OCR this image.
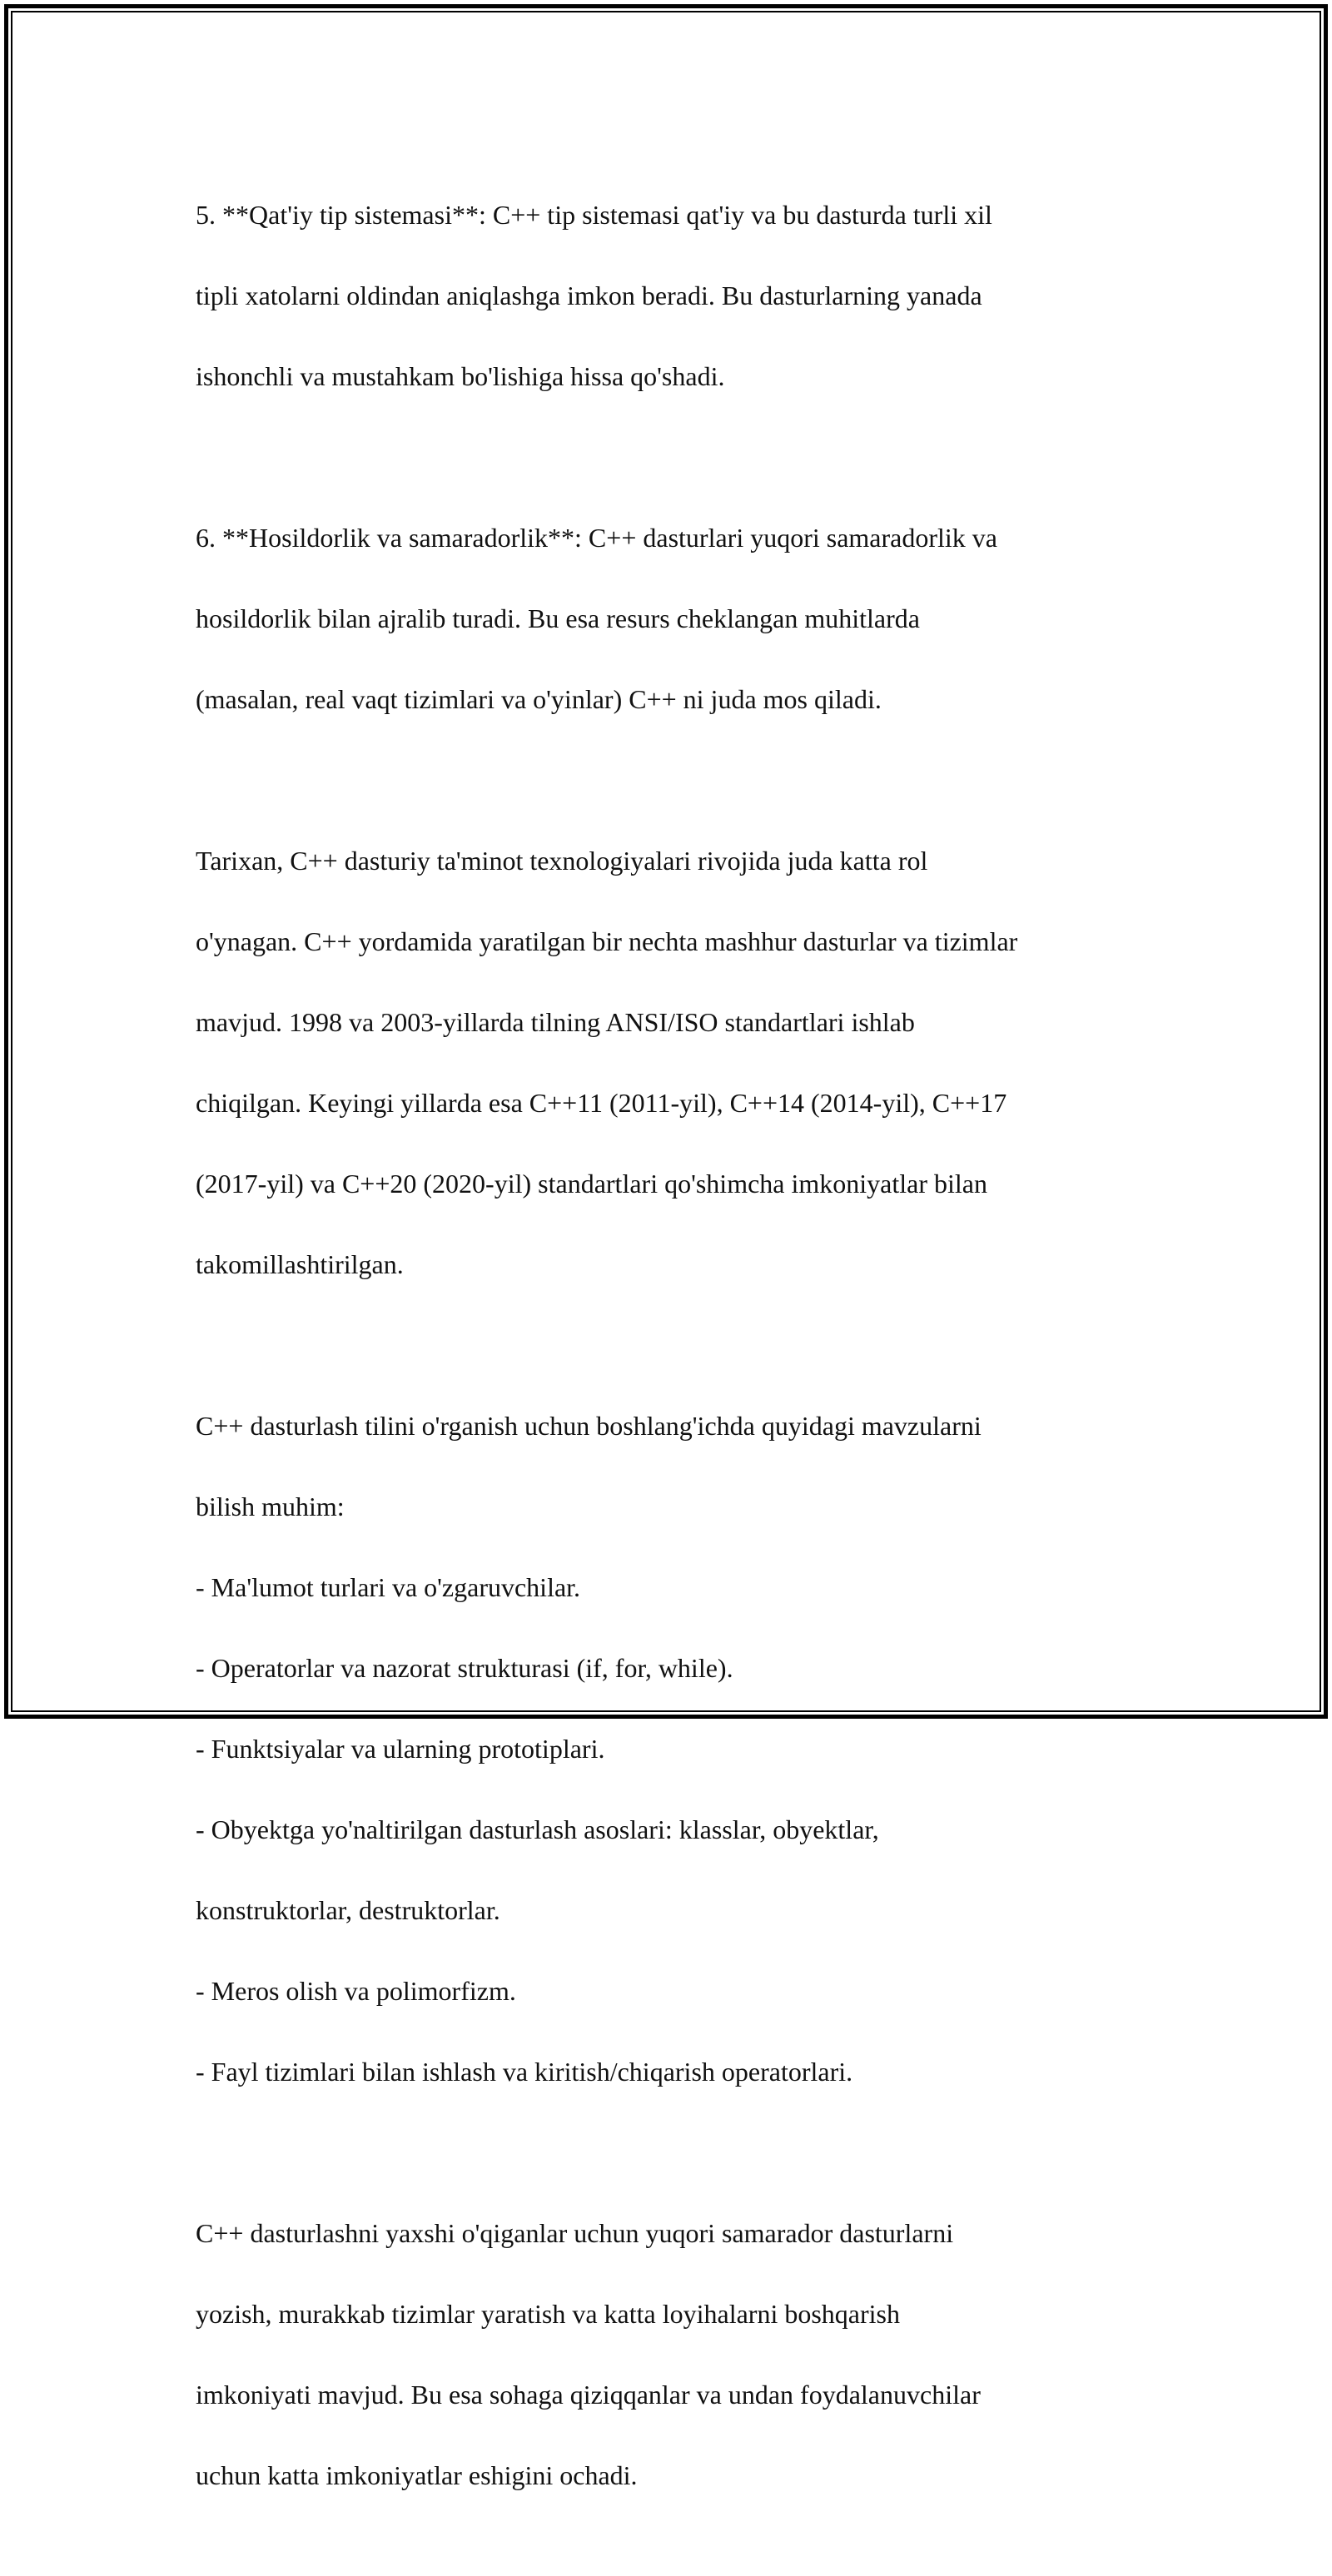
5. **Qat'iy tip sistemasi**: C++ tip sistemasi qat'iy va bu dasturda turli xil

tipli xatolarni oldindan aniqlashga imkon beradi. Bu dasturlarning yanada

ishonchli va mustahkam bo'lishiga hissa qo'shadi.

6. **Hosildorlik va samaradorlik**: C++ dasturlari yuqori samaradorlik va

hosildorlik bilan ajralib turadi. Bu esa resurs cheklangan muhitlarda

(masalan, real vaqt tizimlari va o'yinlar) C++ ni juda mos qiladi.

Tarixan, C++ dasturiy ta'minot texnologiyalari rivojida juda katta rol

o'ynagan. C++ yordamida yaratilgan bir nechta mashhur dasturlar va tizimlar

mavjud. 1998 va 2003-yillarda tilning ANSI/ISO standartlari ishlab

chiqilgan. Keyingi yillarda esa C++11 (2011-yil), C++14 (2014-yil), C++17

(2017-yil) va C++20 (2020-yil) standartlari qo'shimcha imkoniyatlar bilan

takomillashtirilgan.

C++ dasturlash tilini o'rganish uchun boshlang'ichda quyidagi mavzularni

bilish muhim:

- Ma'lumot turlari va o'zgaruvchilar.

- Operatorlar va nazorat strukturasi (if, for, while).

- Funktsiyalar va ularning prototiplari.

- Obyektga yo'naltirilgan dasturlash asoslari: klasslar, obyektlar,

konstruktorlar, destruktorlar.

- Meros olish va polimorfizm.

- Fayl tizimlari bilan ishlash va kiritish/chiqarish operatorlari.

C++ dasturlashni yaxshi o'qiganlar uchun yuqori samarador dasturlarni

yozish, murakkab tizimlar yaratish va katta loyihalarni boshqarish

imkoniyati mavjud. Bu esa sohaga qiziqqanlar va undan foydalanuvchilar

uchun katta imkoniyatlar eshigini ochadi.
